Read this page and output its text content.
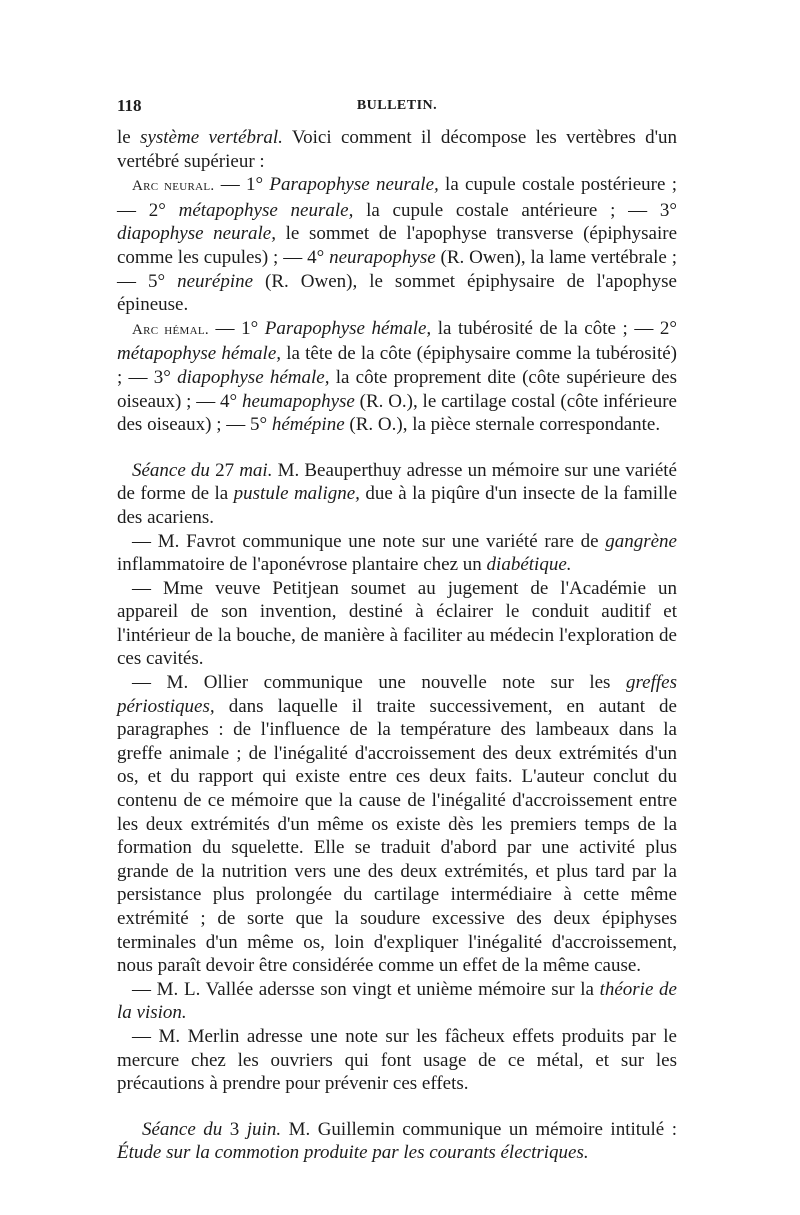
118	BULLETIN.

le système vertébral. Voici comment il décompose les vertèbres d'un vertébré supérieur :

Arc neural. — 1° Parapophyse neurale, la cupule costale postérieure ; — 2° métapophyse neurale, la cupule costale antérieure ; — 3° diapophyse neurale, le sommet de l'apophyse transverse (épiphysaire comme les cupules) ; — 4° neurapophyse (R. Owen), la lame vertébrale ; — 5° neurépine (R. Owen), le sommet épiphysaire de l'apophyse épineuse.

Arc hémal. — 1° Parapophyse hémale, la tubérosité de la côte ; — 2° métapophyse hémale, la tête de la côte (épiphysaire comme la tubérosité) ; — 3° diapophyse hémale, la côte proprement dite (côte supérieure des oiseaux) ; — 4° heumapophyse (R. O.), le cartilage costal (côte inférieure des oiseaux) ; — 5° hémépine (R. O.), la pièce sternale correspondante.

Séance du 27 mai. M. Beauperthuy adresse un mémoire sur une variété de forme de la pustule maligne, due à la piqûre d'un insecte de la famille des acariens.

— M. Favrot communique une note sur une variété rare de gangrène inflammatoire de l'aponévrose plantaire chez un diabétique.

— Mme veuve Petitjean soumet au jugement de l'Académie un appareil de son invention, destiné à éclairer le conduit auditif et l'intérieur de la bouche, de manière à faciliter au médecin l'exploration de ces cavités.

— M. Ollier communique une nouvelle note sur les greffes périostiques, dans laquelle il traite successivement, en autant de paragraphes : de l'influence de la température des lambeaux dans la greffe animale ; de l'inégalité d'accroissement des deux extrémités d'un os, et du rapport qui existe entre ces deux faits. L'auteur conclut du contenu de ce mémoire que la cause de l'inégalité d'accroissement entre les deux extrémités d'un même os existe dès les premiers temps de la formation du squelette. Elle se traduit d'abord par une activité plus grande de la nutrition vers une des deux extrémités, et plus tard par la persistance plus prolongée du cartilage intermédiaire à cette même extrémité ; de sorte que la soudure excessive des deux épiphyses terminales d'un même os, loin d'expliquer l'inégalité d'accroissement, nous paraît devoir être considérée comme un effet de la même cause.

— M. L. Vallée adersse son vingt et unième mémoire sur la théorie de la vision.

— M. Merlin adresse une note sur les fâcheux effets produits par le mercure chez les ouvriers qui font usage de ce métal, et sur les précautions à prendre pour prévenir ces effets.

Séance du 3 juin. M. Guillemin communique un mémoire intitulé : Étude sur la commotion produite par les courants électriques.
